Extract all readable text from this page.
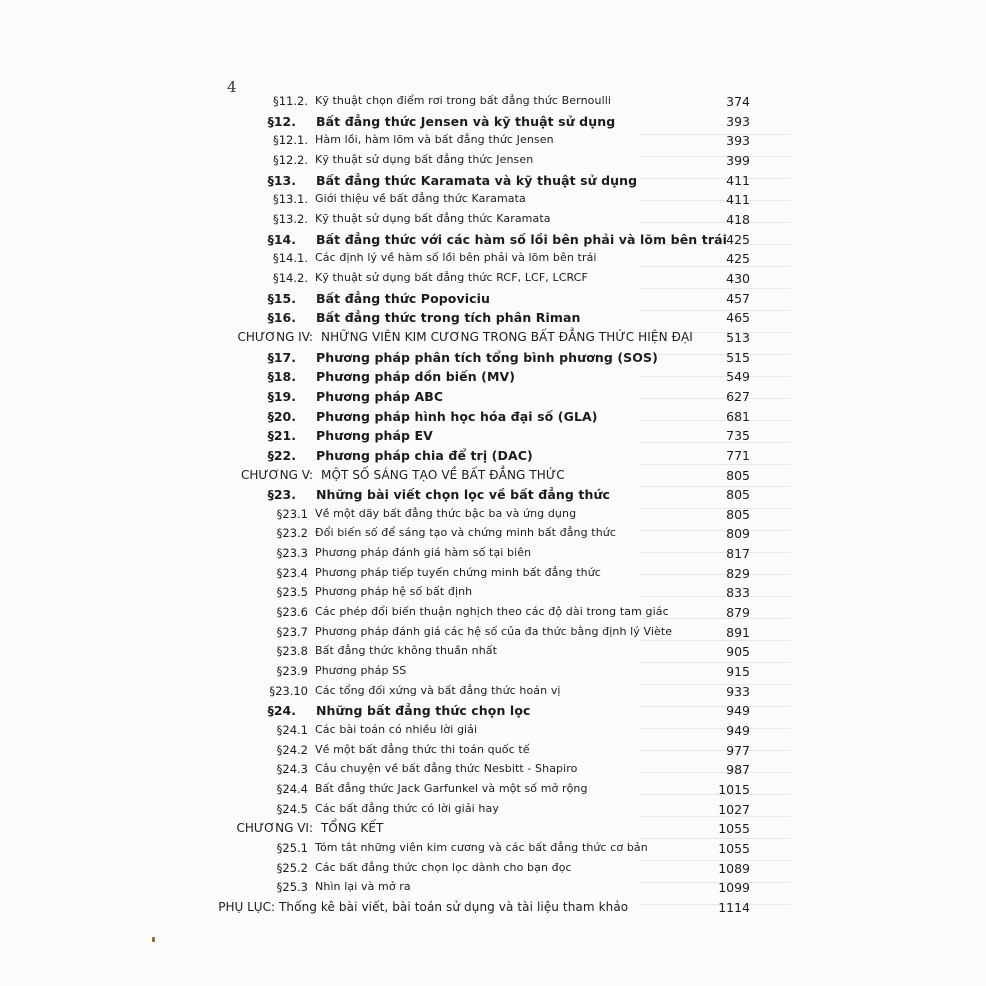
4
§11.2. Kỹ thuật chọn điểm rơi trong bất đẳng thức Bernoulli	374
§12. Bất đẳng thức Jensen và kỹ thuật sử dụng	393
§12.1. Hàm lồi, hàm lõm và bất đẳng thức Jensen	393
§12.2. Kỹ thuật sử dụng bất đẳng thức Jensen	399
§13. Bất đẳng thức Karamata và kỹ thuật sử dụng	411
§13.1. Giới thiệu về bất đẳng thức Karamata	411
§13.2. Kỹ thuật sử dụng bất đẳng thức Karamata	418
§14. Bất đẳng thức với các hàm số lồi bên phải và lõm bên trái 425
§14.1. Các định lý về hàm số lồi bên phải và lõm bên trái	425
§14.2. Kỹ thuật sử dụng bất đẳng thức RCF, LCF, LCRCF	430
§15. Bất đẳng thức Popoviciu	457
§16. Bất đẳng thức trong tích phân Riman	465
CHƯƠNG IV: NHỮNG VIÊN KIM CƯƠNG TRONG BẤT ĐẲNG THỨC HIỆN ĐẠI	513
§17. Phương pháp phân tích tổng bình phương (SOS)	515
§18. Phương pháp dồn biến (MV)	549
§19. Phương pháp ABC	627
§20. Phương pháp hình học hóa đại số (GLA)	681
§21. Phương pháp EV	735
§22. Phương pháp chia để trị (DAC)	771
CHƯƠNG V: MỘT SỐ SÁNG TẠO VỀ BẤT ĐẲNG THỨC	805
§23. Những bài viết chọn lọc về bất đẳng thức	805
§23.1 Về một dãy bất đẳng thức bậc ba và ứng dụng	805
§23.2 Đổi biến số để sáng tạo và chứng minh bất đẳng thức	809
§23.3 Phương pháp đánh giá hàm số tại biên	817
§23.4 Phương pháp tiếp tuyến chứng minh bất đẳng thức	829
§23.5 Phương pháp hệ số bất định	833
§23.6 Các phép đổi biến thuận nghịch theo các độ dài trong tam giác	879
§23.7 Phương pháp đánh giá các hệ số của đa thức bằng định lý Viète	891
§23.8 Bất đẳng thức không thuần nhất	905
§23.9 Phương pháp SS	915
§23.10 Các tổng đối xứng và bất đẳng thức hoán vị	933
§24. Những bất đẳng thức chọn lọc	949
§24.1 Các bài toán có nhiều lời giải	949
§24.2 Về một bất đẳng thức thi toán quốc tế	977
§24.3 Câu chuyện về bất đẳng thức Nesbitt - Shapiro	987
§24.4 Bất đẳng thức Jack Garfunkel và một số mở rộng	1015
§24.5 Các bất đẳng thức có lời giải hay	1027
CHƯƠNG VI: TỔNG KẾT	1055
§25.1 Tóm tắt những viên kim cương và các bất đẳng thức cơ bản	1055
§25.2 Các bất đẳng thức chọn lọc dành cho bạn đọc	1089
§25.3 Nhìn lại và mở ra	1099
PHỤ LỤC: Thống kê bài viết, bài toán sử dụng và tài liệu tham khảo	1114
